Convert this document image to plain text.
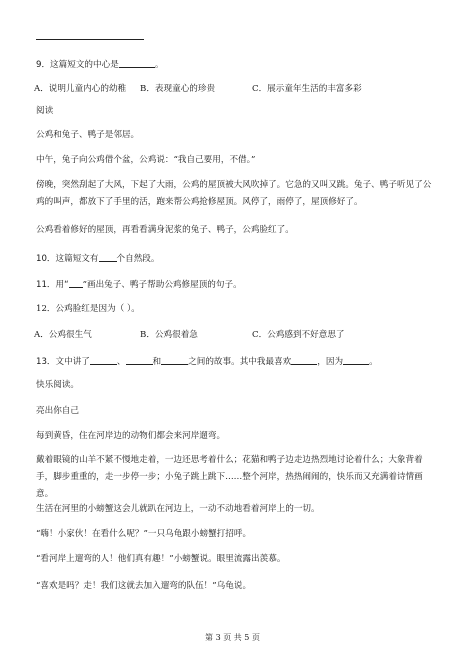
9．这篇短文的中心是	。
A．说明儿童内心的幼稚 B．表现童心的珍贵	C．展示童年生活的丰富多彩
阅读
公鸡和兔子、鸭子是邻居。
中午，兔子向公鸡借个盆，公鸡说：“我自己要用，不借。”
傍晚，突然刮起了大风，下起了大雨，公鸡的屋顶被大风吹掉了。它急的又叫又跳。兔子、鸭子听见了公鸡的叫声，都放下了手里的活，跑来帮公鸡抢修屋顶。风停了，雨停了，屋顶修好了。
公鸡看着修好的屋顶，再看看满身泥浆的兔子、鸭子，公鸡脸红了。
10．这篇短文有 个自然段。
11．用“ ”画出兔子、鸭子帮助公鸡修屋顶的句子。
12．公鸡脸红是因为（ ）。
A．公鸡很生气	B．公鸡很着急	C．公鸡感到不好意思了
13．文中讲了	、	和	之间的故事。其中我最喜欢	，因为	。
快乐阅读。
亮出你自己
每到黄昏，住在河岸边的动物们都会来河岸遛弯。
戴着眼镜的山羊不紧不慢地走着，一边还思考着什么；花猫和鸭子边走边热烈地讨论着什么；大象背着手，脚步重重的，走一步停一步；小兔子跳上跳下……整个河岸，热热闹闹的，快乐而又充满着诗情画意。
生活在河里的小螃蟹这会儿就趴在河边上，一动不动地看着河岸上的一切。
“嗨！小家伙！在看什么呢？”一只乌龟跟小螃蟹打招呼。
“看河岸上遛弯的人！他们真有趣！”小螃蟹说。眼里流露出羡慕。
“喜欢是吗？走！我们这就去加入遛弯的队伍！”乌龟说。
第 3 页 共 5 页
